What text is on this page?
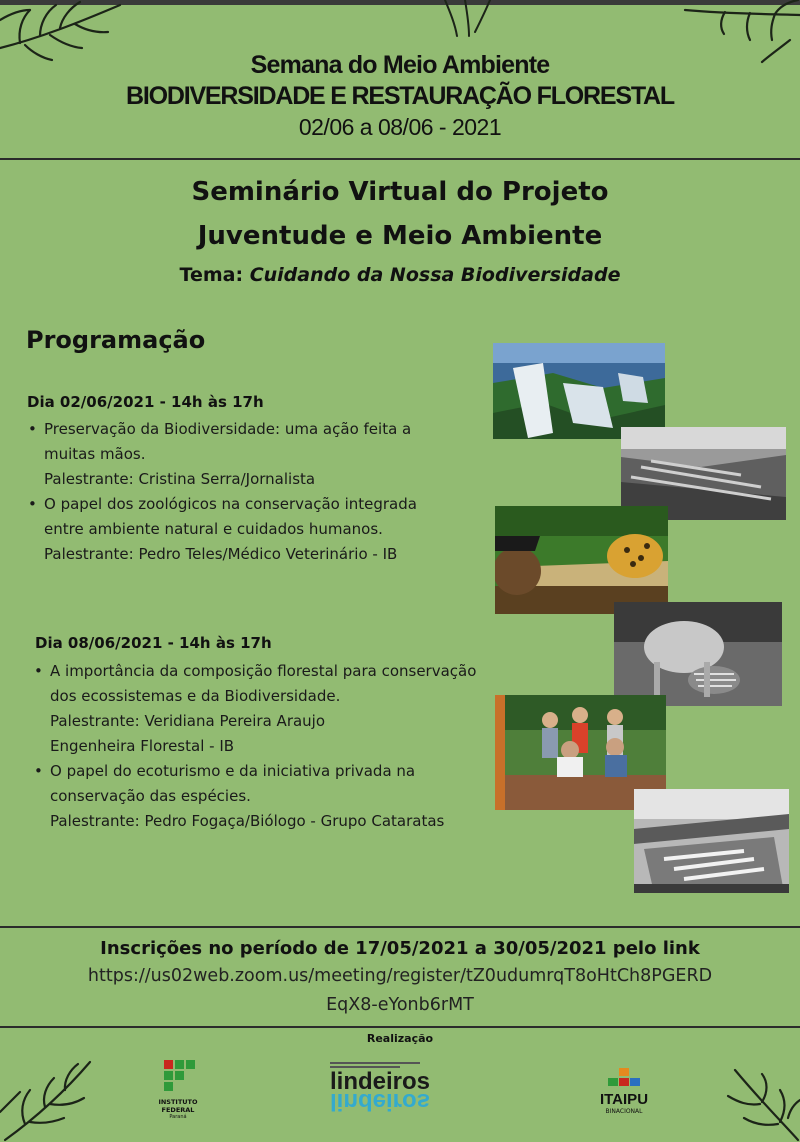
Semana do Meio Ambiente
BIODIVERSIDADE E RESTAURAÇÃO FLORESTAL
02/06 a 08/06 - 2021
Seminário Virtual do Projeto
Juventude e Meio Ambiente
Tema: Cuidando da Nossa Biodiversidade
Programação
Dia 02/06/2021 - 14h às 17h
• Preservação da Biodiversidade: uma ação feita a
muitas mãos.
Palestrante: Cristina Serra/Jornalista
• O papel dos zoológicos na conservação integrada
entre ambiente natural e cuidados humanos.
Palestrante: Pedro Teles/Médico Veterinário - IB
Dia 08/06/2021 - 14h às 17h
• A importância da composição florestal para conservação
dos ecossistemas e da Biodiversidade.
Palestrante: Veridiana Pereira Araujo
Engenheira Florestal - IB
• O papel do ecoturismo e da iniciativa privada na
conservação das espécies.
Palestrante: Pedro Fogaça/Biólogo - Grupo Cataratas
Inscrições no período de 17/05/2021 a 30/05/2021 pelo link
https://us02web.zoom.us/meeting/register/tZ0udumrqT8oHtCh8PGERD
EqX8-eYonb6rMT
Realização
INSTITUTO
FEDERAL
Paraná
lindeiros
lindeiros	ITAIPU
BINACIONAL
